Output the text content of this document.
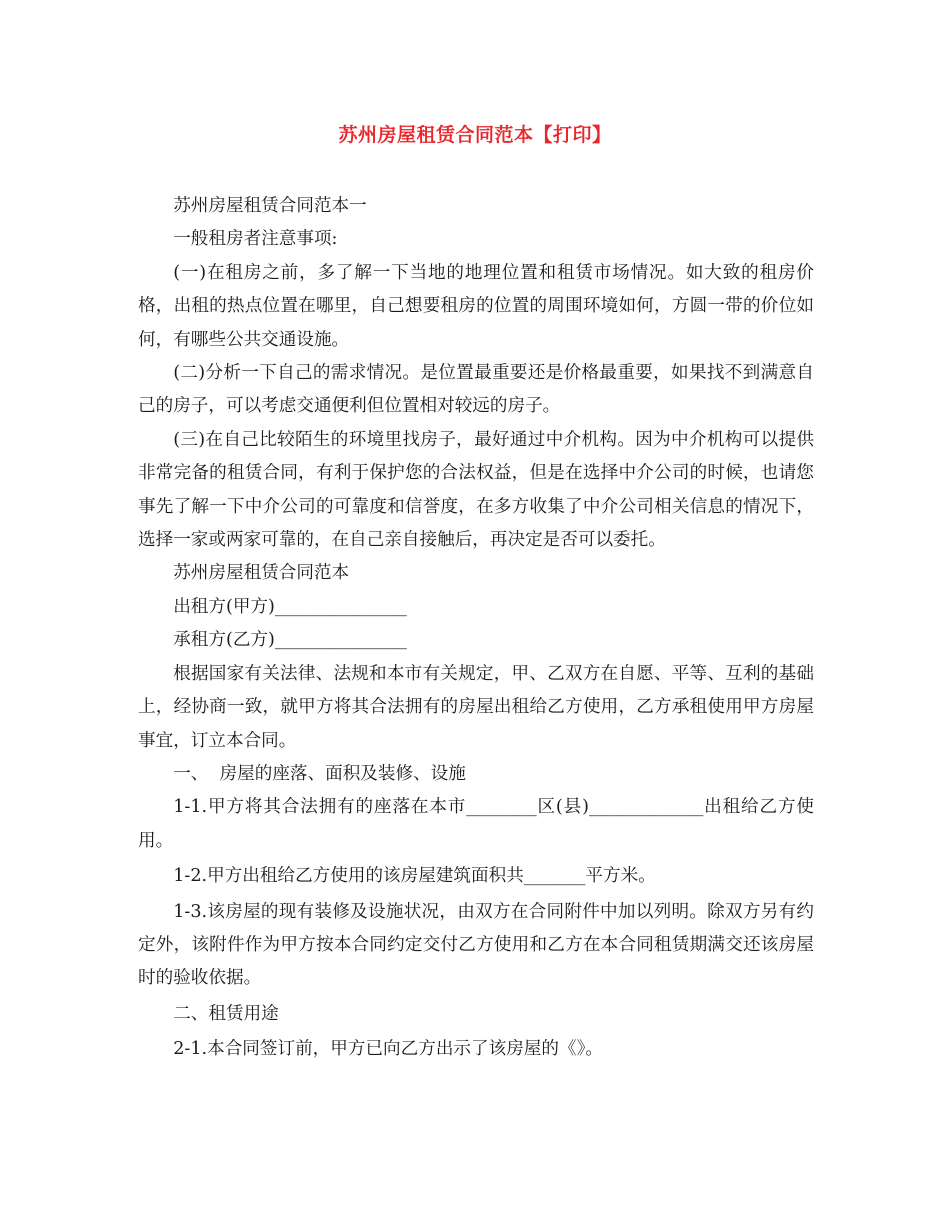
苏州房屋租赁合同范本【打印】

苏州房屋租赁合同范本一

一般租房者注意事项:

(一)在租房之前，多了解一下当地的地理位置和租赁市场情况。如大致的租房价格，出租的热点位置在哪里，自己想要租房的位置的周围环境如何，方圆一带的价位如何，有哪些公共交通设施。

(二)分析一下自己的需求情况。是位置最重要还是价格最重要，如果找不到满意自己的房子，可以考虑交通便利但位置相对较远的房子。

(三)在自己比较陌生的环境里找房子，最好通过中介机构。因为中介机构可以提供非常完备的租赁合同，有利于保护您的合法权益，但是在选择中介公司的时候，也请您事先了解一下中介公司的可靠度和信誉度，在多方收集了中介公司相关信息的情况下，选择一家或两家可靠的，在自己亲自接触后，再决定是否可以委托。

苏州房屋租赁合同范本

出租方(甲方)_______________

承租方(乙方)_______________

根据国家有关法律、法规和本市有关规定，甲、乙双方在自愿、平等、互利的基础上，经协商一致，就甲方将其合法拥有的房屋出租给乙方使用，乙方承租使用甲方房屋事宜，订立本合同。

一、  房屋的座落、面积及装修、设施

1-1.甲方将其合法拥有的座落在本市________区(县)_____________出租给乙方使用。

1-2.甲方出租给乙方使用的该房屋建筑面积共_______平方米。

1-3.该房屋的现有装修及设施状况，由双方在合同附件中加以列明。除双方另有约定外，该附件作为甲方按本合同约定交付乙方使用和乙方在本合同租赁期满交还该房屋时的验收依据。

二、租赁用途

2-1.本合同签订前，甲方已向乙方出示了该房屋的《》。
